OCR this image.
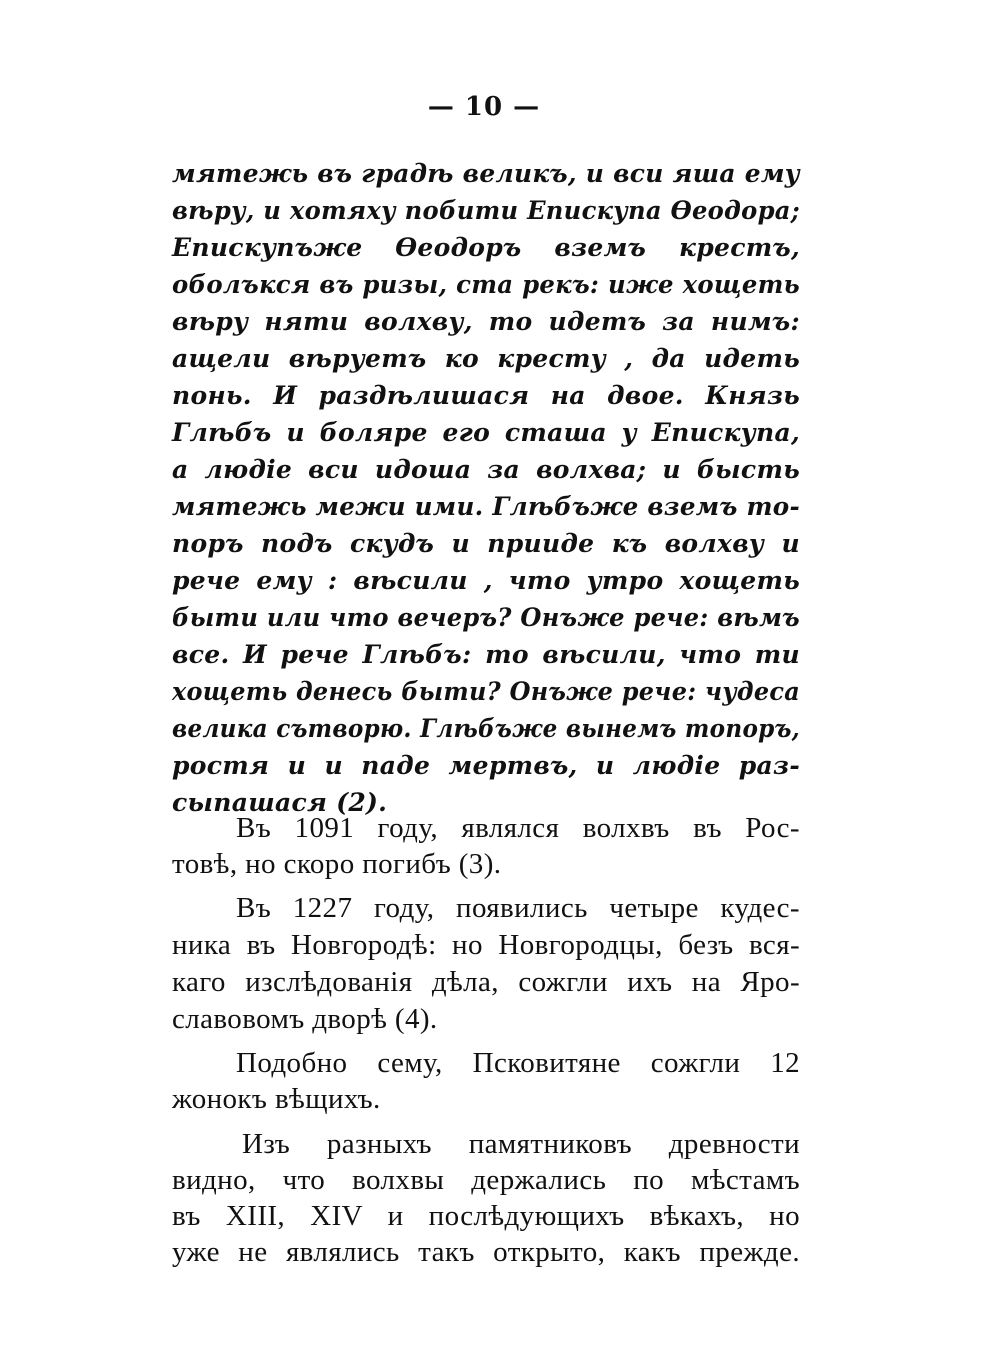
— 10 —
мятежь въ градѣ великъ, и вси яша ему
вѣру, и хотяху побити Епискупа Өеодора;
Епискупъже Өеодоръ вземъ крестъ,
оболъкся въ ризы, ста рекъ: иже хощеть
вѣру няти волхву, то идетъ за нимъ:
ащели вѣруетъ ко кресту , да идеть
понь. И раздѣлишася на двое. Князь
Глѣбъ и боляре его сташа у Епискупа,
а людіе вси идоша за волхва; и бысть
мятежь межи ими. Глѣбъже вземъ то-
поръ подъ скудъ и прииде къ волхву и
рече ему : вѣсили , что утро хощеть
быти или что вечеръ? Онъже рече: вѣмъ
все. И рече Глѣбъ: то вѣсили, что ти
хощеть денесь быти? Онъже рече: чудеса
велика сътворю. Глѣбъже вынемъ топоръ,
ростя и и паде мертвъ, и людіе раз-
сыпашася (2).
Въ 1091 году, являлся волхвъ въ Рос-
товѣ, но скоро погибъ (3).
Въ 1227 году, появились четыре кудес-
ника въ Новгородѣ: но Новгородцы, безъ вся-
каго изслѣдованія дѣла, сожгли ихъ на Яро-
славовомъ дворѣ (4).
Подобно сему, Псковитяне сожгли 12
жонокъ вѣщихъ.
Изъ разныхъ памятниковъ древности
видно, что волхвы держались по мѣстамъ
въ XIII, XIV и послѣдующихъ вѣкахъ, но
уже не являлись такъ открыто, какъ прежде.
